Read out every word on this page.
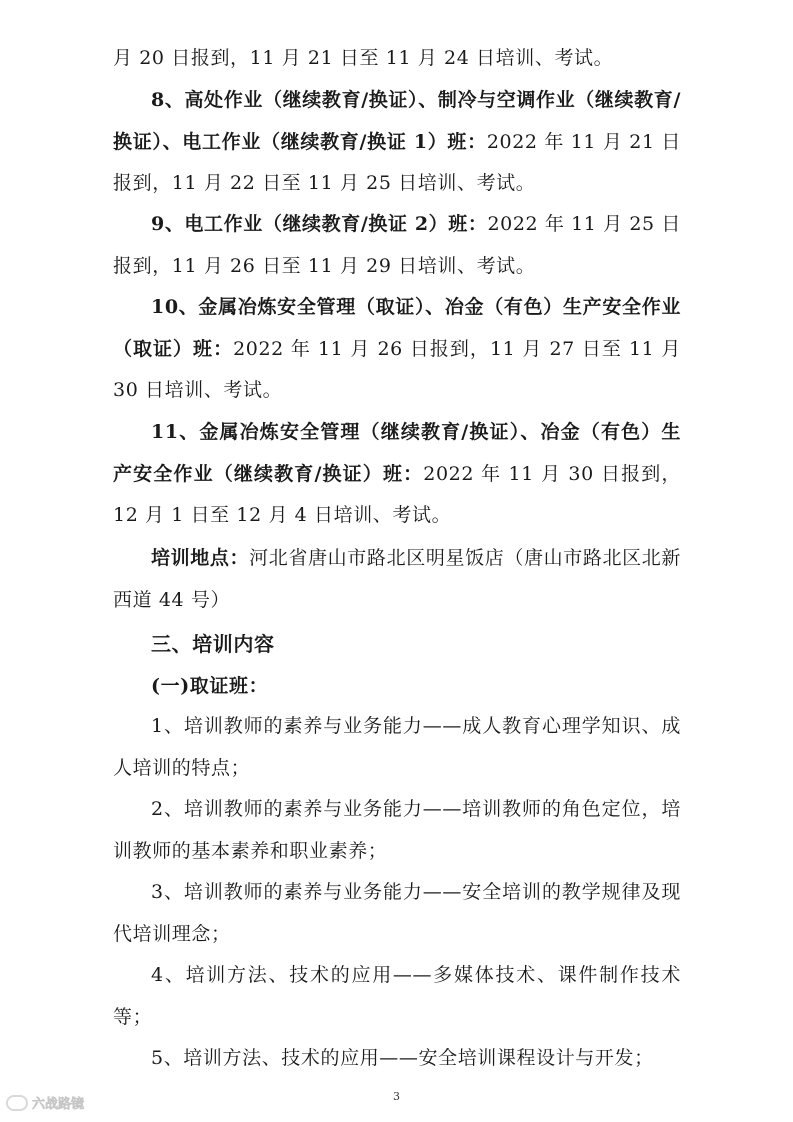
月 20 日报到，11 月 21 日至 11 月 24 日培训、考试。

8、高处作业（继续教育/换证）、制冷与空调作业（继续教育/换证）、电工作业（继续教育/换证 1）班：2022 年 11 月 21 日报到，11 月 22 日至 11 月 25 日培训、考试。

9、电工作业（继续教育/换证 2）班：2022 年 11 月 25 日报到，11 月 26 日至 11 月 29 日培训、考试。

10、金属冶炼安全管理（取证）、冶金（有色）生产安全作业（取证）班：2022 年 11 月 26 日报到，11 月 27 日至 11 月 30 日培训、考试。

11、金属冶炼安全管理（继续教育/换证）、冶金（有色）生产安全作业（继续教育/换证）班：2022 年 11 月 30 日报到，12 月 1 日至 12 月 4 日培训、考试。

培训地点：河北省唐山市路北区明星饭店（唐山市路北区北新西道 44 号）

三、培训内容
(一)取证班：

1、培训教师的素养与业务能力——成人教育心理学知识、成人培训的特点；

2、培训教师的素养与业务能力——培训教师的角色定位，培训教师的基本素养和职业素养；

3、培训教师的素养与业务能力——安全培训的教学规律及现代培训理念；

4、培训方法、技术的应用——多媒体技术、课件制作技术等；

5、培训方法、技术的应用——安全培训课程设计与开发；

3
六战路镜
